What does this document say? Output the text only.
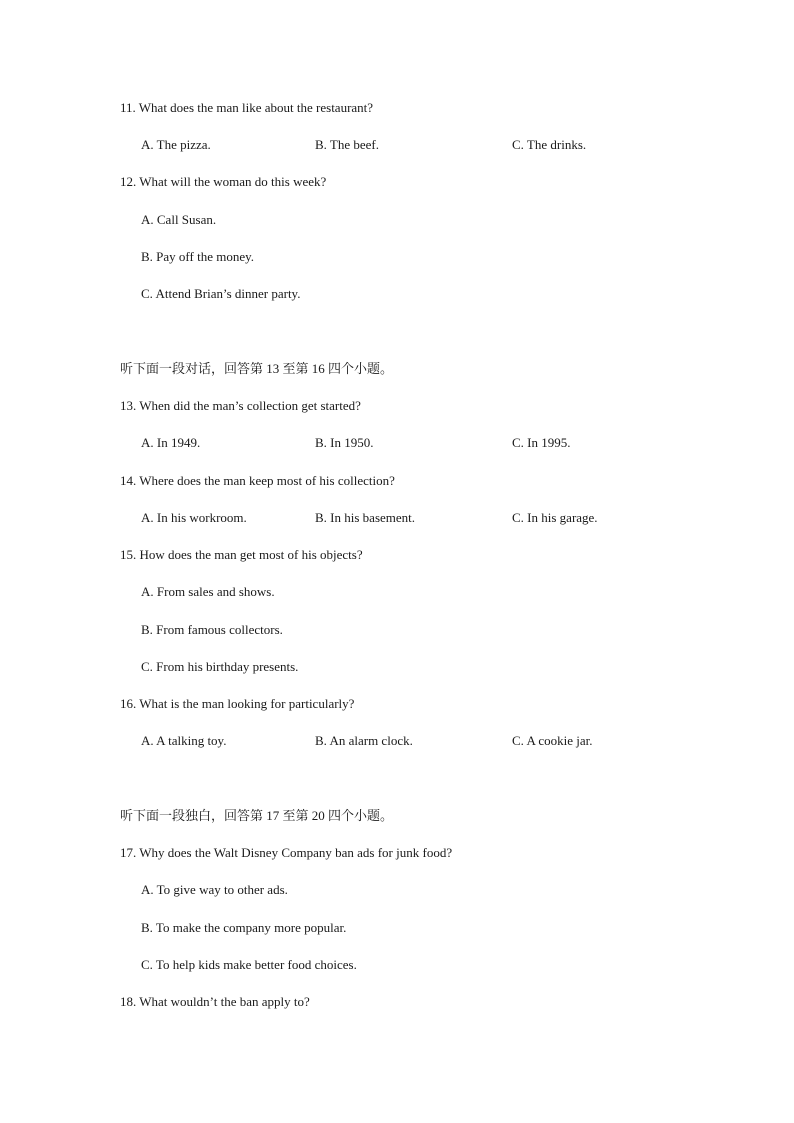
11. What does the man like about the restaurant?
A. The pizza.	B. The beef.	C. The drinks.
12. What will the woman do this week?
A. Call Susan.
B. Pay off the money.
C. Attend Brian’s dinner party.
听下面一段对话，回答第 13 至第 16 四个小题。
13. When did the man’s collection get started?
A. In 1949.	B. In 1950.	C. In 1995.
14. Where does the man keep most of his collection?
A. In his workroom.	B. In his basement.	C. In his garage.
15. How does the man get most of his objects?
A. From sales and shows.
B. From famous collectors.
C. From his birthday presents.
16. What is the man looking for particularly?
A. A talking toy.	B. An alarm clock.	C. A cookie jar.
听下面一段独白，回答第 17 至第 20 四个小题。
17. Why does the Walt Disney Company ban ads for junk food?
A. To give way to other ads.
B. To make the company more popular.
C. To help kids make better food choices.
18. What wouldn’t the ban apply to?
